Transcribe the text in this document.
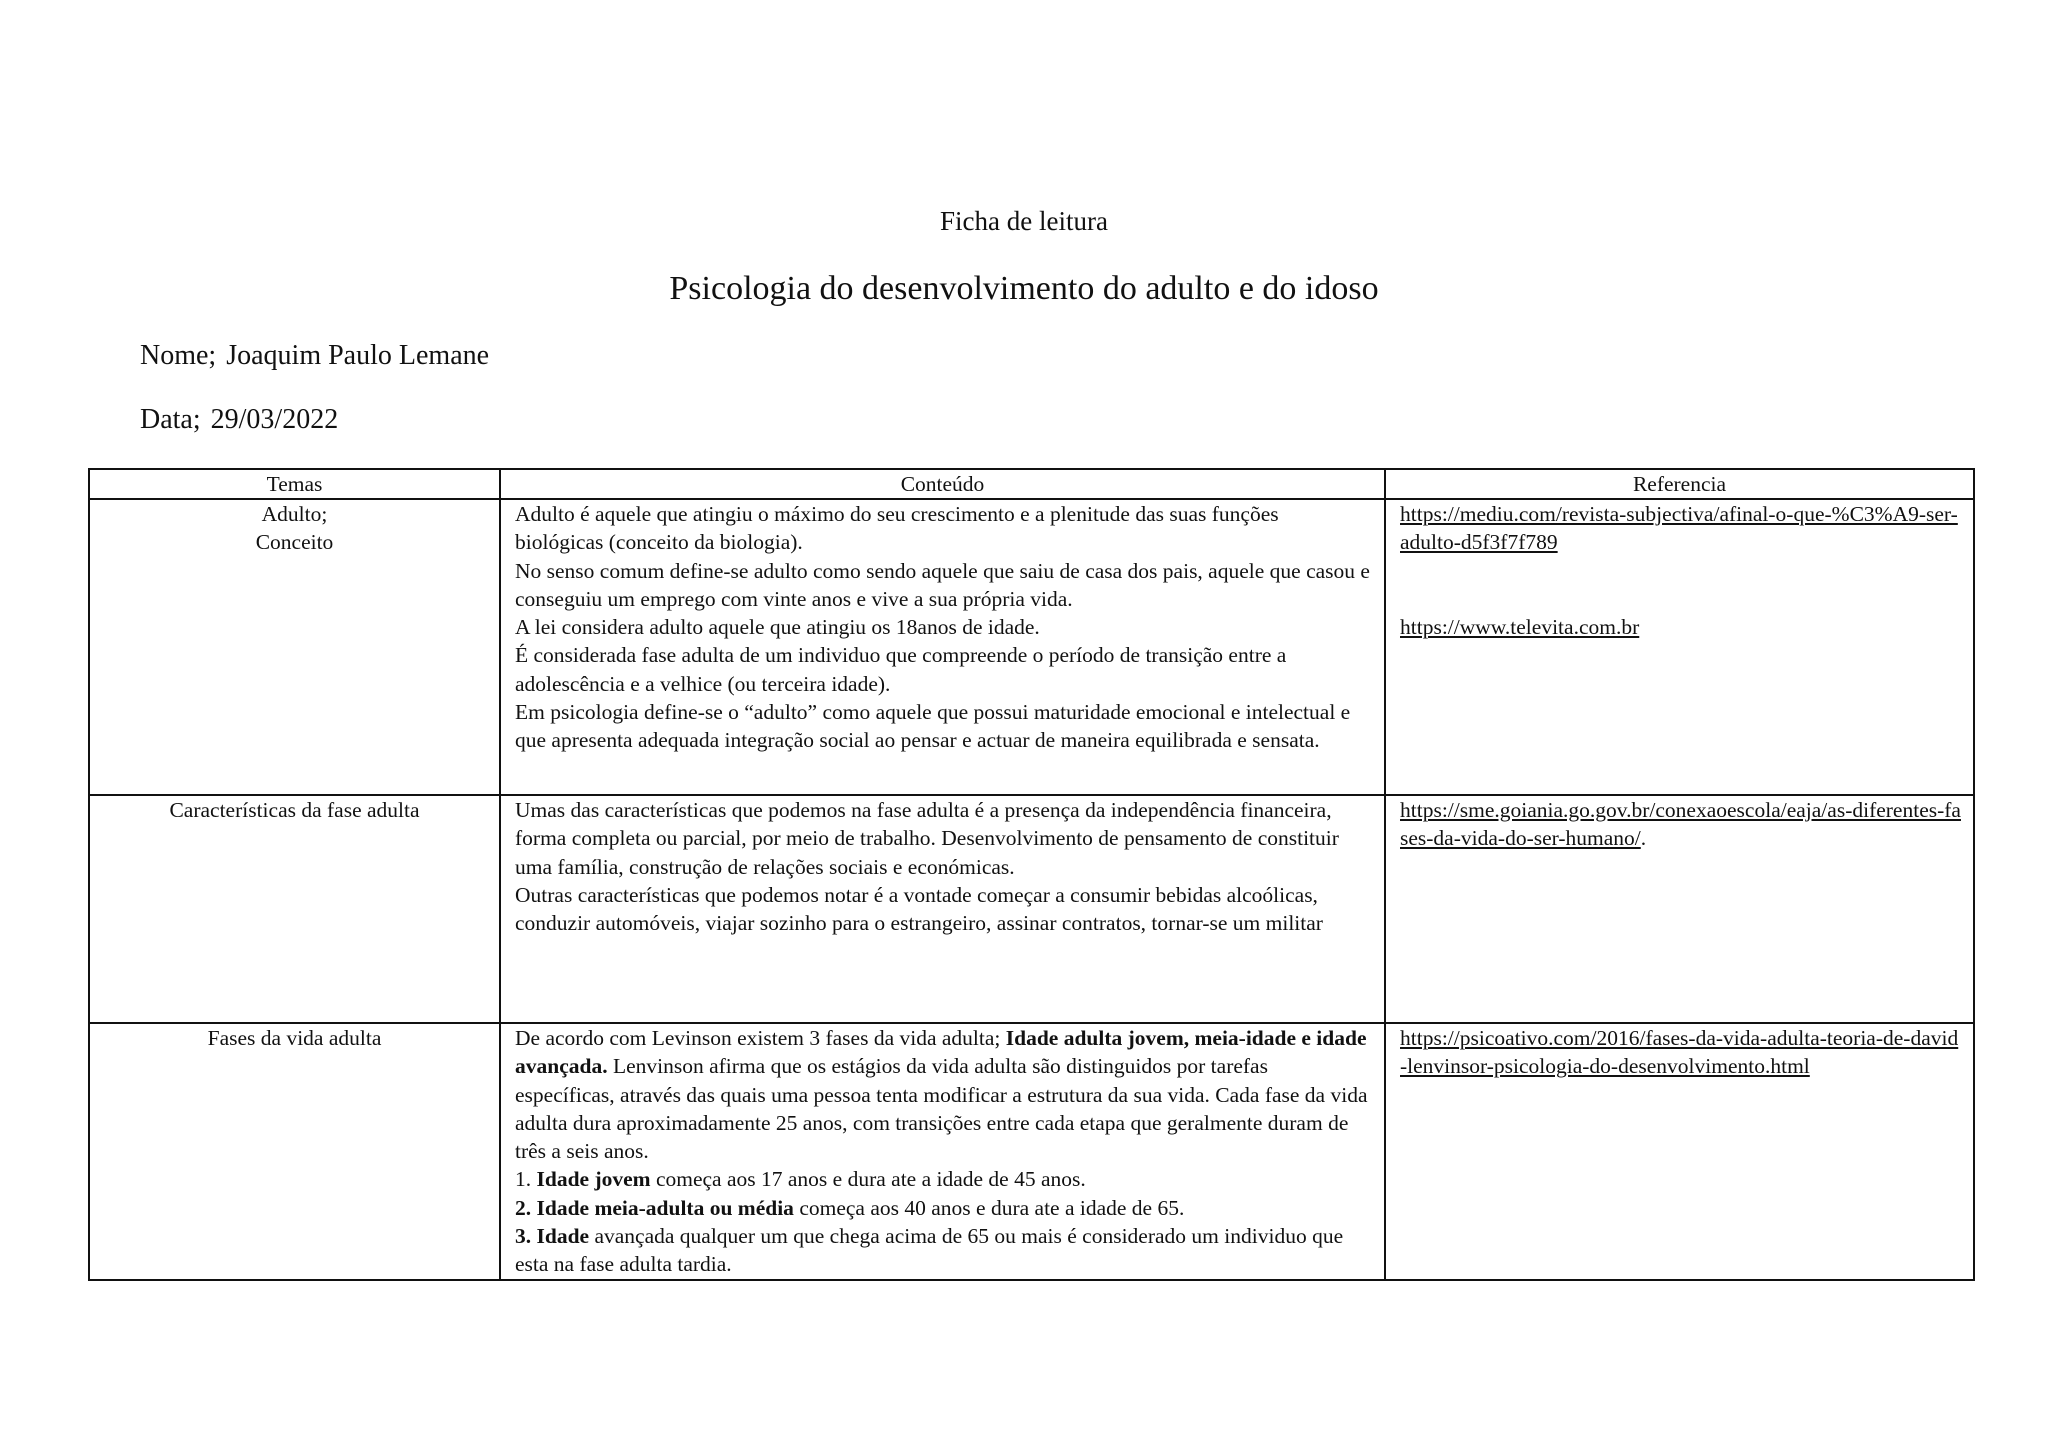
Ficha de leitura
Psicologia do desenvolvimento do adulto e do idoso
Nome; Joaquim Paulo Lemane
Data; 29/03/2022
Temas	Conteúdo	Referencia

Adulto;
Conceito	Adulto é aquele que atingiu o máximo do seu crescimento e a plenitude das suas funções biológicas (conceito da biologia).
No senso comum define-se adulto como sendo aquele que saiu de casa dos pais, aquele que casou e conseguiu um emprego com vinte anos e vive a sua própria vida.
A lei considera adulto aquele que atingiu os 18anos de idade.
É considerada fase adulta de um individuo que compreende o período de transição entre a adolescência e a velhice (ou terceira idade).
Em psicologia define-se o “adulto” como aquele que possui maturidade emocional e intelectual e que apresenta adequada integração social ao pensar e actuar de maneira equilibrada e sensata.	https://mediu.com/revista-subjectiva/afinal-o-que-%C3%A9-ser-adulto-d5f3f7f789
https://www.televita.com.br

Características da fase adulta	Umas das características que podemos na fase adulta é a presença da independência financeira, forma completa ou parcial, por meio de trabalho. Desenvolvimento de pensamento de constituir uma família, construção de relações sociais e económicas.
Outras características que podemos notar é a vontade começar a consumir bebidas alcoólicas, conduzir automóveis, viajar sozinho para o estrangeiro, assinar contratos, tornar-se um militar	https://sme.goiania.go.gov.br/conexaoescola/eaja/as-diferentes-fases-da-vida-do-ser-humano/.

Fases da vida adulta	De acordo com Levinson existem 3 fases da vida adulta; Idade adulta jovem, meia-idade e idade avançada. Lenvinson afirma que os estágios da vida adulta são distinguidos por tarefas específicas, através das quais uma pessoa tenta modificar a estrutura da sua vida. Cada fase da vida adulta dura aproximadamente 25 anos, com transições entre cada etapa que geralmente duram de três a seis anos.
1. Idade jovem começa aos 17 anos e dura ate a idade de 45 anos.
2. Idade meia-adulta ou média começa aos 40 anos e dura ate a idade de 65.
3. Idade avançada qualquer um que chega acima de 65 ou mais é considerado um individuo que esta na fase adulta tardia.	https://psicoativo.com/2016/fases-da-vida-adulta-teoria-de-david-lenvinsor-psicologia-do-desenvolvimento.html
